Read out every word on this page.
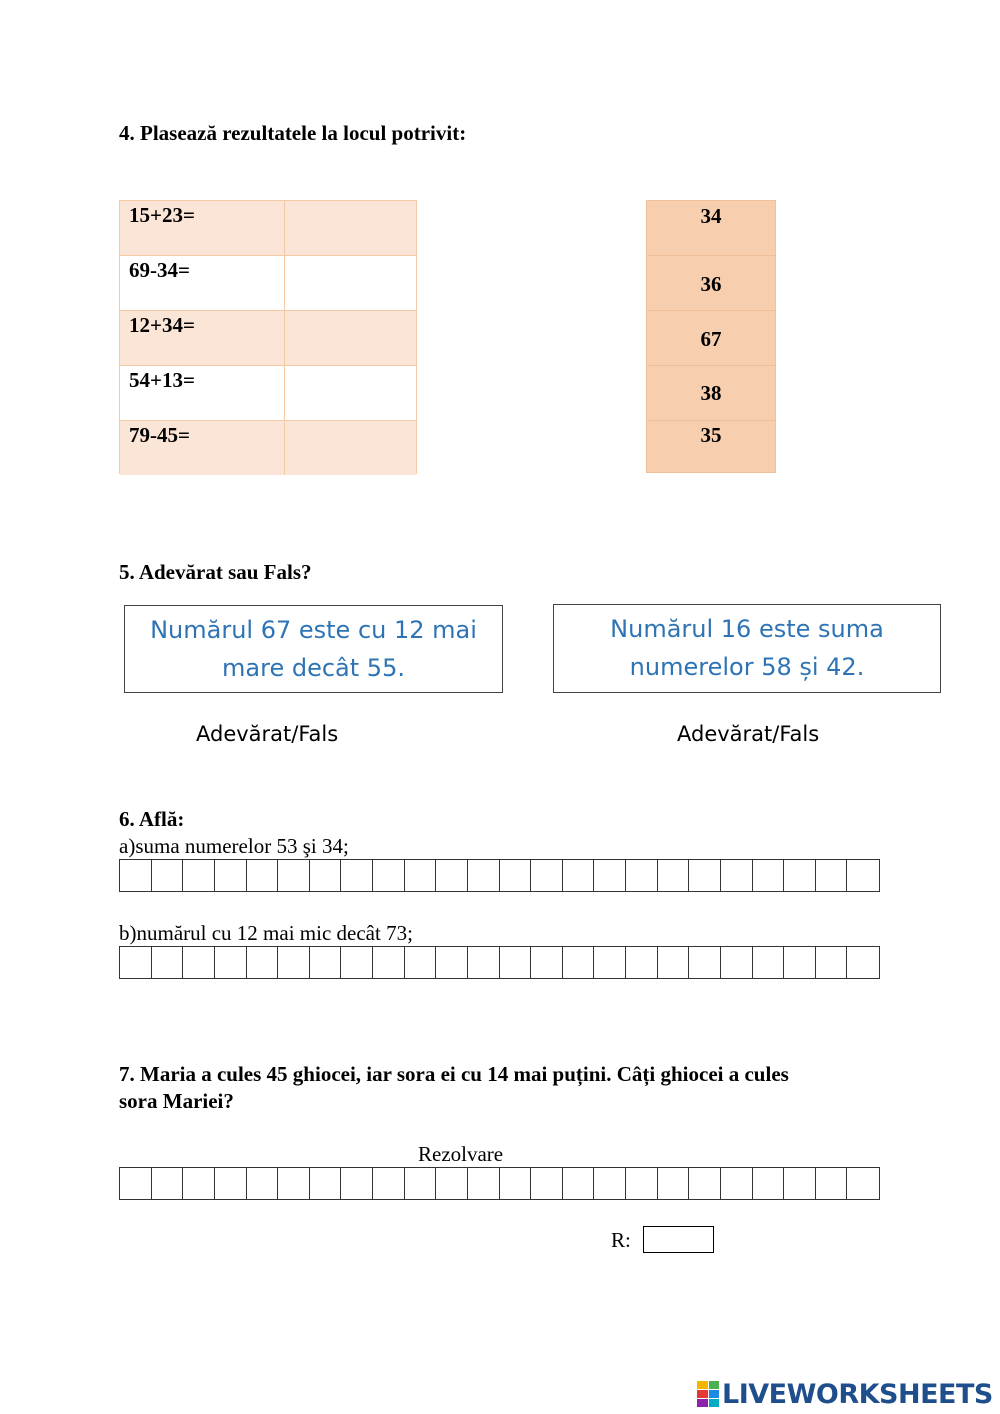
4. Plasează rezultatele la locul potrivit:
15+23=
69-34=
12+34=
54+13=
79-45=
34
36
67
38
35
5. Adevărat sau Fals?
Numărul 67 este cu 12 mai
mare decât 55.
Numărul 16 este suma
numerelor 58 și 42.
Adevărat/Fals	Adevărat/Fals
6. Află:
a)suma numerelor 53 şi 34;
b)numărul cu 12 mai mic decât 73;
7. Maria a cules 45 ghiocei, iar sora ei cu 14 mai puțini. Câți ghiocei a cules
sora Mariei?
Rezolvare
R:
LIVEWORKSHEETS
